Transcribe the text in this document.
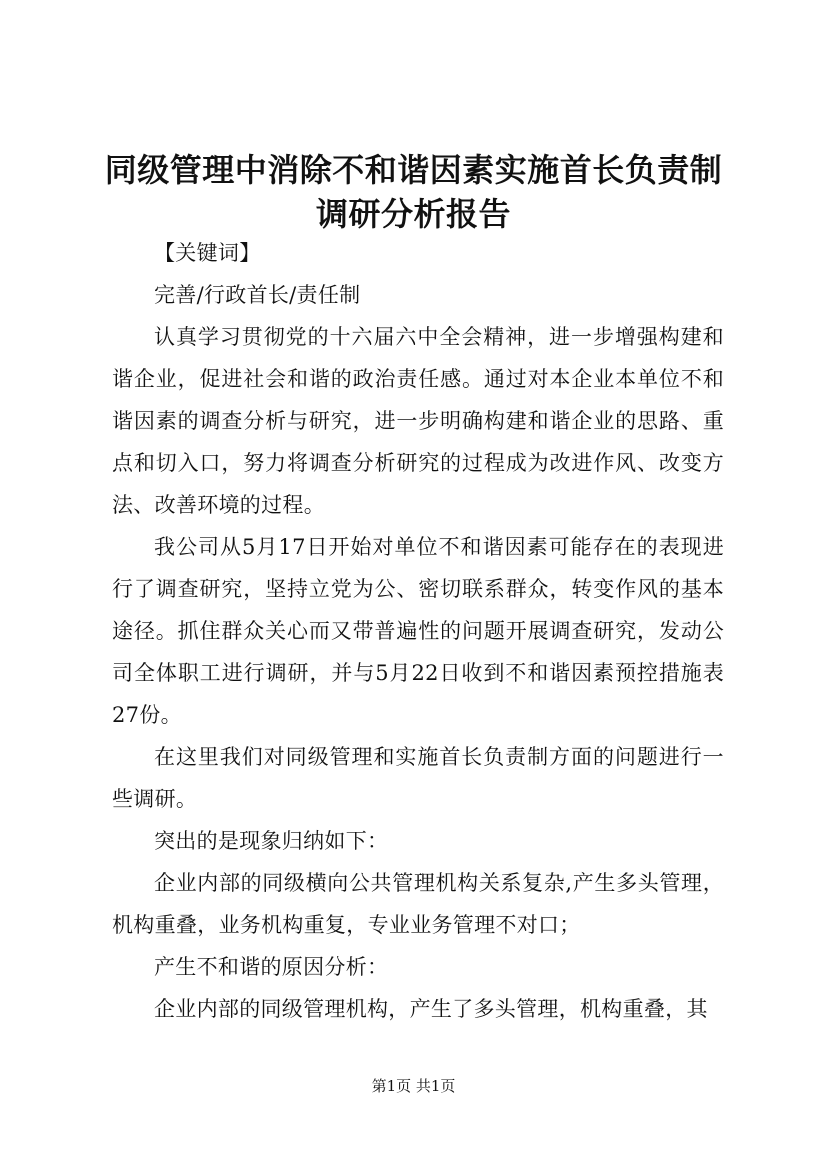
同级管理中消除不和谐因素实施首长负责制调研分析报告

【关键词】

完善/行政首长/责任制

认真学习贯彻党的十六届六中全会精神，进一步增强构建和谐企业，促进社会和谐的政治责任感。通过对本企业本单位不和谐因素的调查分析与研究，进一步明确构建和谐企业的思路、重点和切入口，努力将调查分析研究的过程成为改进作风、改变方法、改善环境的过程。

我公司从5月17日开始对单位不和谐因素可能存在的表现进行了调查研究，坚持立党为公、密切联系群众，转变作风的基本途径。抓住群众关心而又带普遍性的问题开展调查研究，发动公司全体职工进行调研，并与5月22日收到不和谐因素预控措施表27份。

在这里我们对同级管理和实施首长负责制方面的问题进行一些调研。

突出的是现象归纳如下：

企业内部的同级横向公共管理机构关系复杂,产生多头管理，机构重叠，业务机构重复，专业业务管理不对口；

产生不和谐的原因分析：

企业内部的同级管理机构，产生了多头管理，机构重叠，其

第1页 共1页
